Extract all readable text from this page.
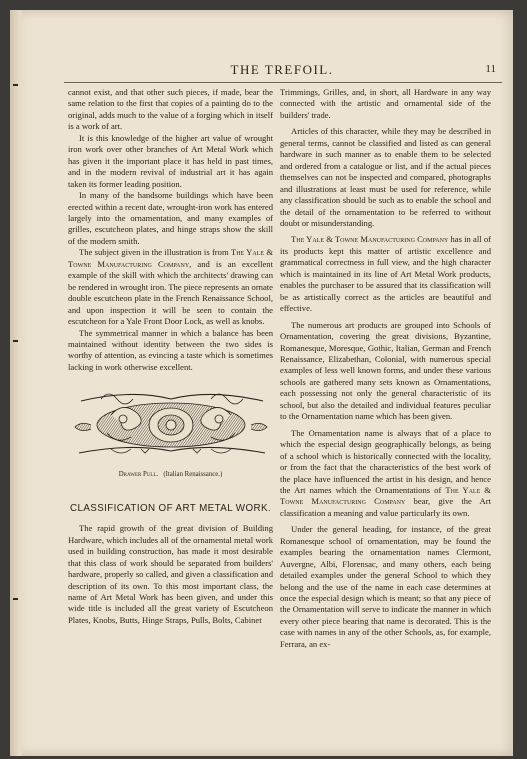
THE TREFOIL.	11

cannot exist, and that other such pieces, if made, bear the same relation to the first that copies of a painting do to the original, adds much to the value of a forging which in itself is a work of art.

It is this knowledge of the higher art value of wrought iron work over other branches of Art Metal Work which has given it the important place it has held in past times, and in the modern revival of industrial art it has again taken its former leading position.

In many of the handsome buildings which have been erected within a recent date, wrought-iron work has entered largely into the ornamentation, and many examples of grilles, escutcheon plates, and hinge straps show the skill of the modern smith.

The subject given in the illustration is from The Yale & Towne Manufacturing Company, and is an excellent example of the skill with which the architects' drawing can be rendered in wrought iron. The piece represents an ornate double escutcheon plate in the French Renaissance School, and upon inspection it will be seen to contain the escutcheon for a Yale Front Door Lock, as well as knobs.

The symmetrical manner in which a balance has been maintained without identity between the two sides is worthy of attention, as evincing a taste which is sometimes lacking in work otherwise excellent.

Drawer Pull. (Italian Renaissance.)
CLASSIFICATION OF ART METAL WORK.

The rapid growth of the great division of Building Hardware, which includes all of the ornamental metal work used in building construction, has made it most desirable that this class of work should be separated from builders' hardware, properly so called, and given a classification and description of its own. To this most important class, the name of Art Metal Work has been given, and under this wide title is included all the great variety of Escutcheon Plates, Knobs, Butts, Hinge Straps, Pulls, Bolts, Cabinet

Trimmings, Grilles, and, in short, all Hardware in any way connected with the artistic and ornamental side of the builders' trade.

Articles of this character, while they may be described in general terms, cannot be classified and listed as can general hardware in such manner as to enable them to be selected and ordered from a catalogue or list, and if the actual pieces themselves can not be inspected and compared, photographs and illustrations at least must be used for reference, while any classification should be such as to enable the school and the detail of the ornamentation to be referred to without doubt or misunderstanding.

The Yale & Towne Manufacturing Company has in all of its products kept this matter of artistic excellence and grammatical correctness in full view, and the high character which is maintained in its line of Art Metal Work products, enables the purchaser to be assured that its classification will be as artistically correct as the articles are beautiful and effective.

The numerous art products are grouped into Schools of Ornamentation, covering the great divisions, Byzantine, Romanesque, Moresque, Gothic, Italian, German and French Renaissance, Elizabethan, Colonial, with numerous special examples of less well known forms, and under these various schools are gathered many sets known as Ornamentations, each possessing not only the general characteristic of its school, but also the detailed and individual features peculiar to the Ornamentation name which has been given.

The Ornamentation name is always that of a place to which the especial design geographically belongs, as being of a school which is historically connected with the locality, or from the fact that the characteristics of the best work of the place have influenced the artist in his design, and hence the Art names which the Ornamentations of The Yale & Towne Manufacturing Company bear, give the Art classification a meaning and value particularly its own.

Under the general heading, for instance, of the great Romanesque school of ornamentation, may be found the examples bearing the ornamentation names Clermont, Auvergne, Albi, Florensac, and many others, each being detailed examples under the general School to which they belong and the use of the name in each case determines at once the especial design which is meant; so that any piece of the Ornamentation will serve to indicate the manner in which every other piece bearing that name is decorated. This is the case with names in any of the other Schools, as, for example, Ferrara, an ex-
